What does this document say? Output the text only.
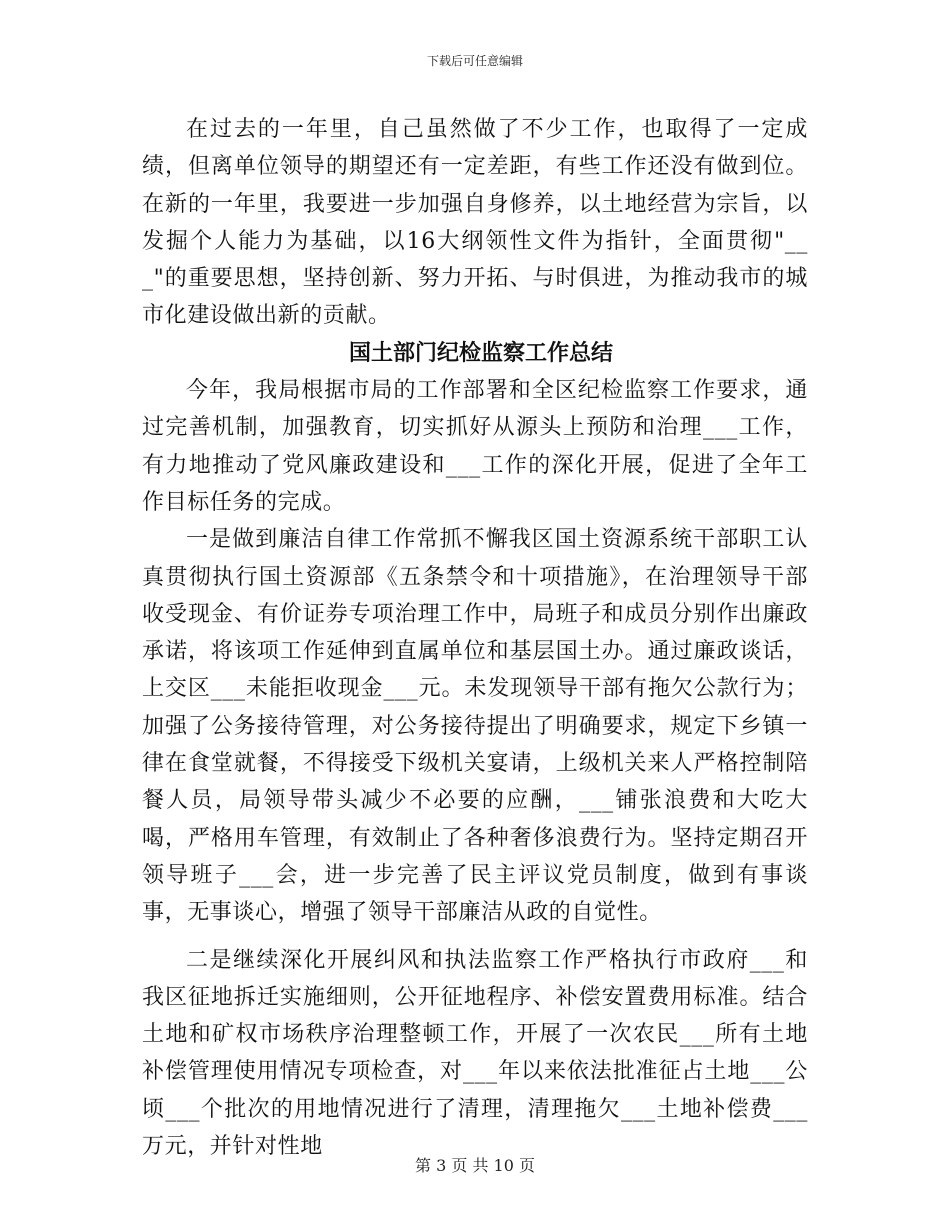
下载后可任意编辑

在过去的一年里，自己虽然做了不少工作，也取得了一定成绩，但离单位领导的期望还有一定差距，有些工作还没有做到位。在新的一年里，我要进一步加强自身修养，以土地经营为宗旨，以发掘个人能力为基础，以16大纲领性文件为指针，全面贯彻"___"的重要思想，坚持创新、努力开拓、与时俱进，为推动我市的城市化建设做出新的贡献。

国土部门纪检监察工作总结

今年，我局根据市局的工作部署和全区纪检监察工作要求，通过完善机制，加强教育，切实抓好从源头上预防和治理___工作，有力地推动了党风廉政建设和___工作的深化开展，促进了全年工作目标任务的完成。

一是做到廉洁自律工作常抓不懈我区国土资源系统干部职工认真贯彻执行国土资源部《五条禁令和十项措施》，在治理领导干部收受现金、有价证券专项治理工作中，局班子和成员分别作出廉政承诺，将该项工作延伸到直属单位和基层国土办。通过廉政谈话，上交区___未能拒收现金___元。未发现领导干部有拖欠公款行为；加强了公务接待管理，对公务接待提出了明确要求，规定下乡镇一律在食堂就餐，不得接受下级机关宴请，上级机关来人严格控制陪餐人员，局领导带头减少不必要的应酬，___铺张浪费和大吃大喝，严格用车管理，有效制止了各种奢侈浪费行为。坚持定期召开领导班子___会，进一步完善了民主评议党员制度，做到有事谈事，无事谈心，增强了领导干部廉洁从政的自觉性。

二是继续深化开展纠风和执法监察工作严格执行市政府___和我区征地拆迁实施细则，公开征地程序、补偿安置费用标准。结合土地和矿权市场秩序治理整顿工作，开展了一次农民___所有土地补偿管理使用情况专项检查，对___年以来依法批准征占土地___公顷___个批次的用地情况进行了清理，清理拖欠___土地补偿费___万元，并针对性地

第 3 页 共 10 页
